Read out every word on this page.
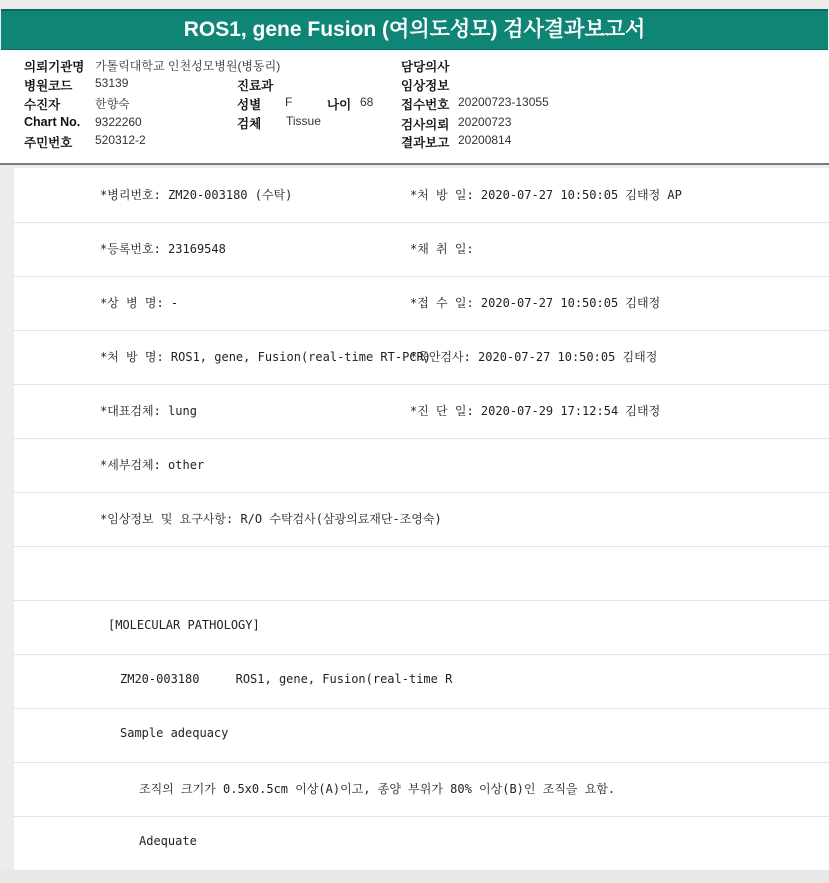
ROS1, gene Fusion (여의도성모) 검사결과보고서
의뢰기관명 가톨릭대학교 인천성모병원(병동리)
병원코드 53139
수진자	한향숙
Chart No. 9322260
주민번호 520312-2
진료과
성별 F	나이 68
검체 Tissue
담당의사
임상정보
접수번호 20200723-13055
검사의뢰 20200723
결과보고 20200814
*병리번호: ZM20-003180 (수탁)	*처 방 일: 2020-07-27 10:50:05 김태정 AP
*등록번호: 23169548	*채 취 일:
*상 병 명: -	*접 수 일: 2020-07-27 10:50:05 김태정
*처 방 명: ROS1, gene, Fusion(real-time RT-PCR)
*육안검사: 2020-07-27 10:50:05 김태정
*대표검체: lung	*진 단 일: 2020-07-29 17:12:54 김태정
*세부검체: other
*임상정보 및 요구사항: R/O 수탁검사(삼광의료재단-조영숙)
[MOLECULAR PATHOLOGY]
ZM20-003180     ROS1, gene, Fusion(real-time R
Sample adequacy
조직의 크기가 0.5x0.5cm 이상(A)이고, 종양 부위가 80% 이상(B)인 조직을 요함.
Adequate
